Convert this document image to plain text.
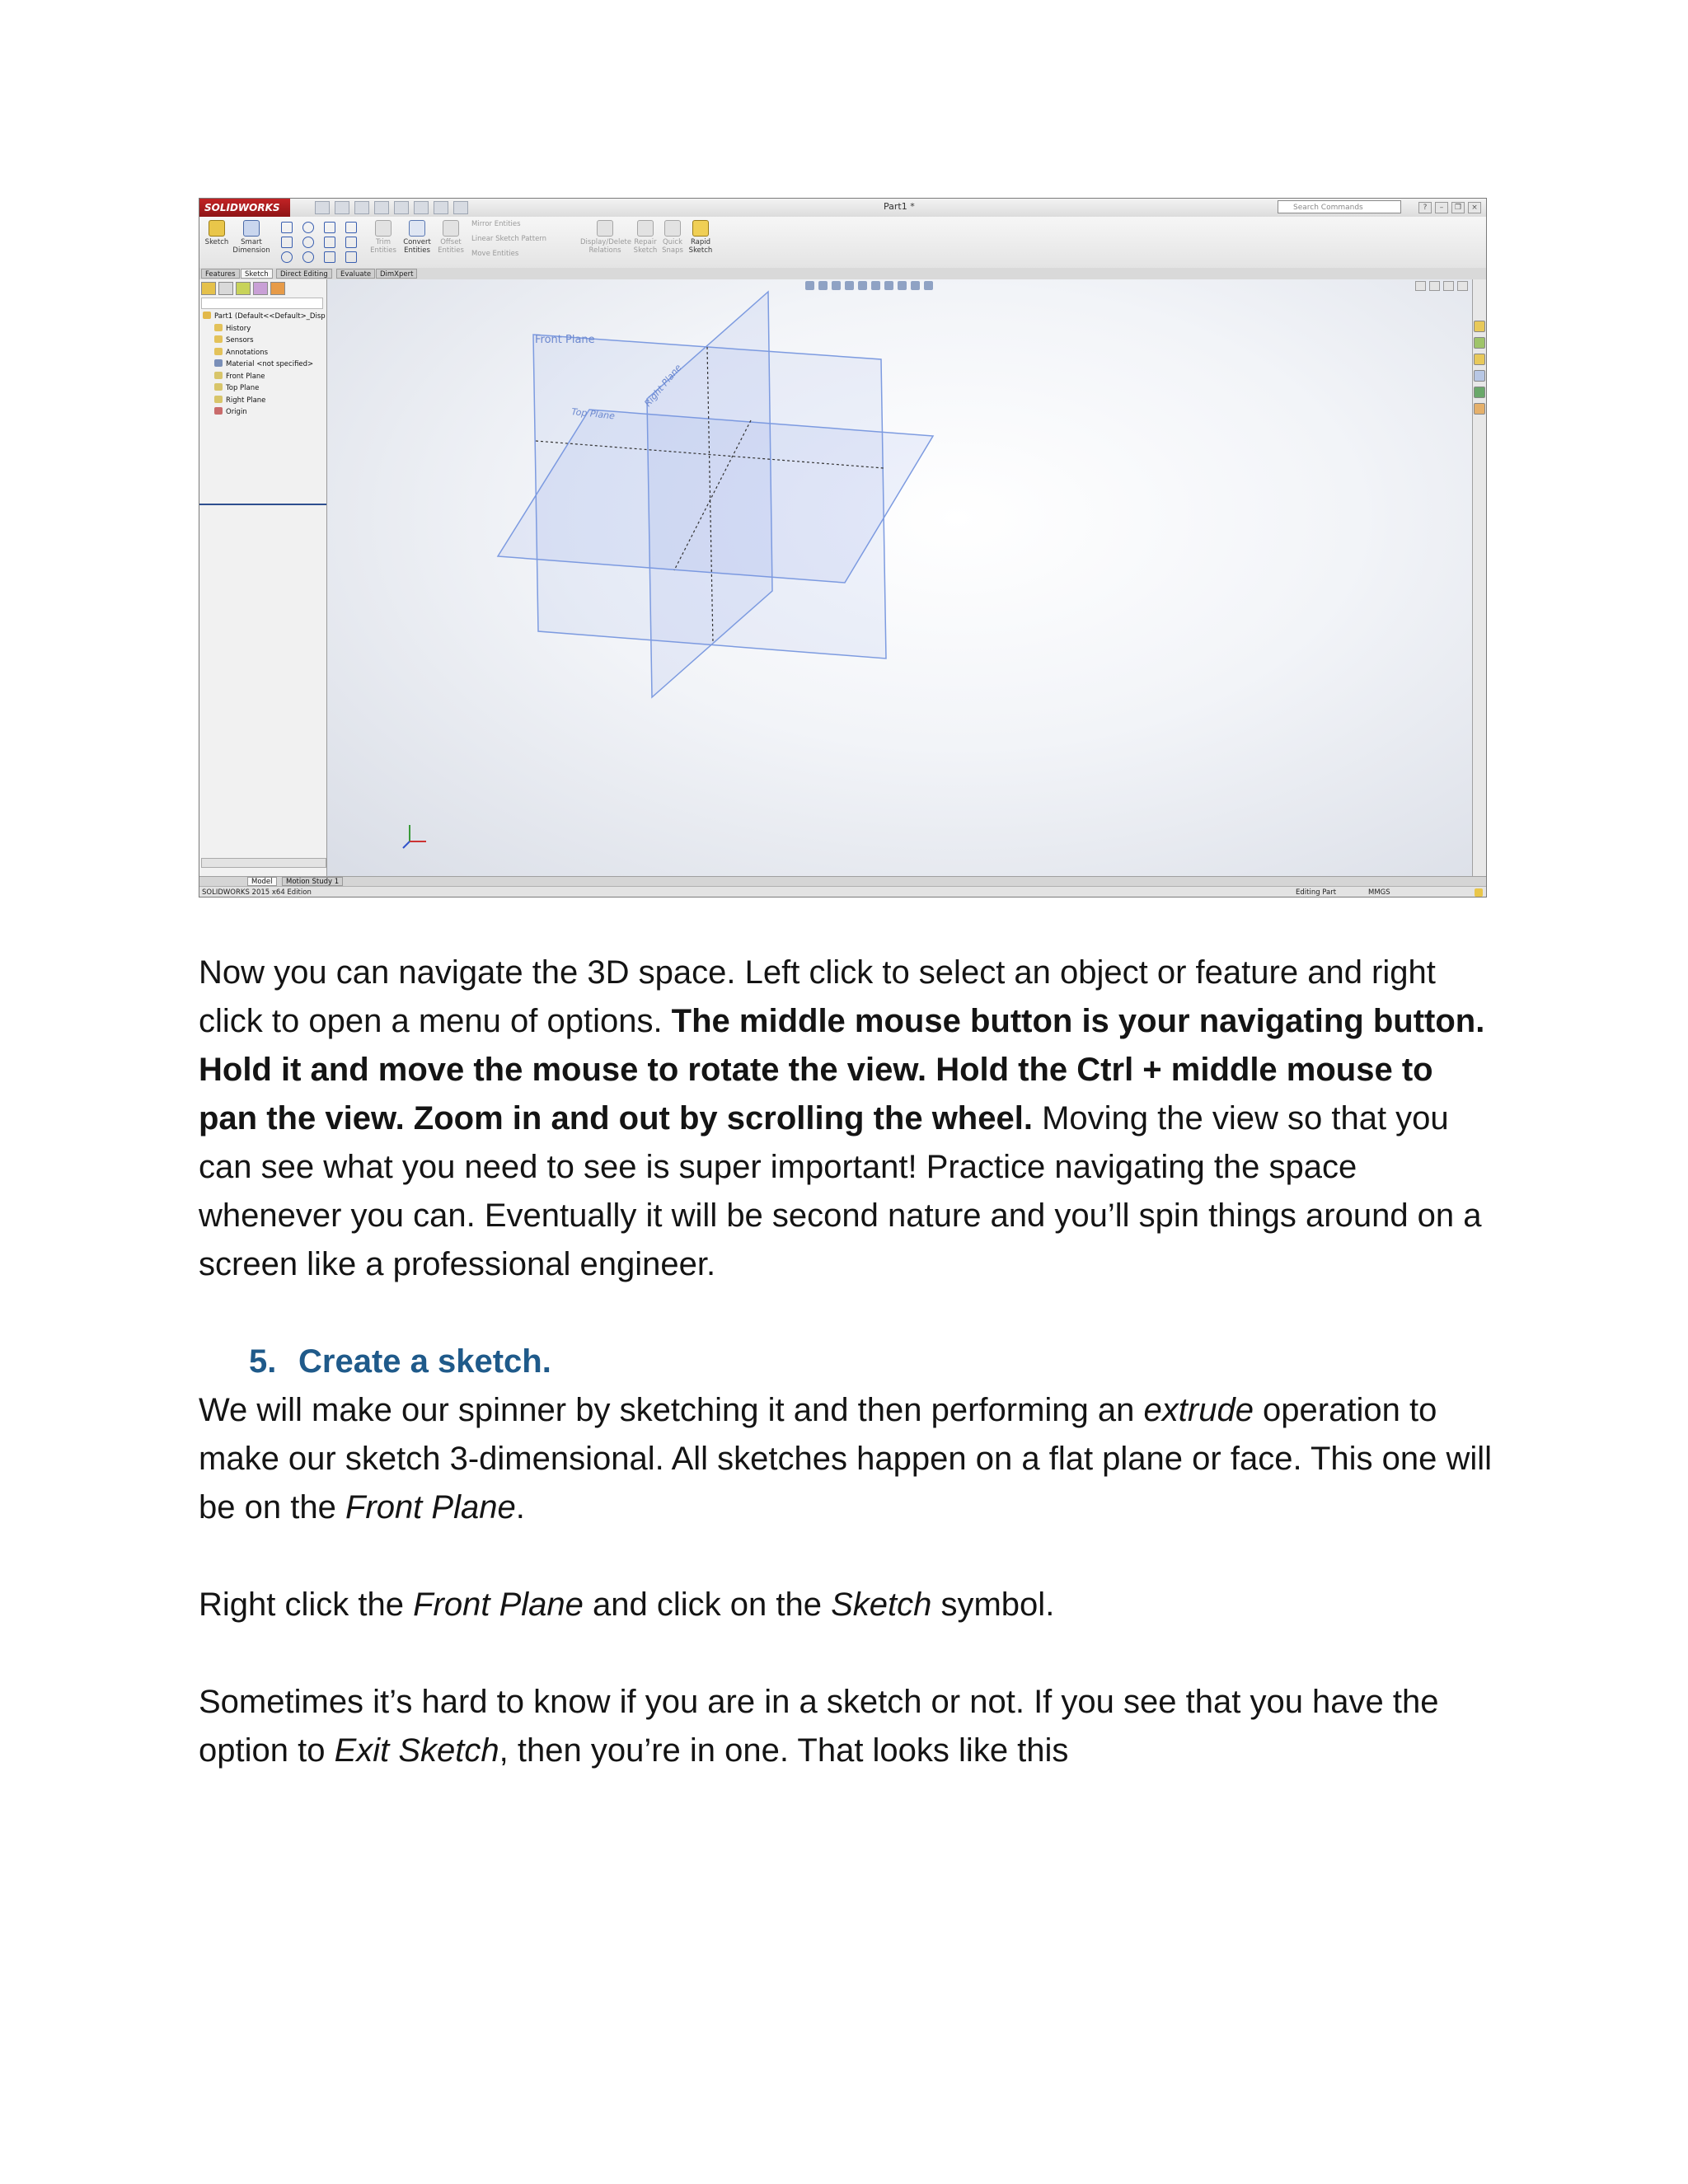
SOLIDWORKS	Part1 *	Search Commands	?	–	❐	×
Sketch	Smart Dimension
Trim Entities
Convert Entities
Offset Entities
Mirror Entities
Linear Sketch Pattern
Move Entities
Display/Delete Relations
Repair Sketch
Quick Snaps
Rapid Sketch
Features	Sketch	Direct Editing	Evaluate	DimXpert
Part1 (Default<<Default>_Disp
History
Sensors
Annotations
Material <not specified>
Front Plane
Top Plane
Right Plane
Origin
Front Plane
Top Plane
Right Plane
Model	Motion Study 1
SOLIDWORKS 2015 x64 Edition	Editing Part	MMGS

Now you can navigate the 3D space. Left click to select an object or feature and right click to open a menu of options. The middle mouse button is your navigating button. Hold it and move the mouse to rotate the view. Hold the Ctrl + middle mouse to pan the view. Zoom in and out by scrolling the wheel. Moving the view so that you can see what you need to see is super important! Practice navigating the space whenever you can. Eventually it will be second nature and you’ll spin things around on a screen like a professional engineer.

5. Create a sketch.

We will make our spinner by sketching it and then performing an extrude operation to make our sketch 3-dimensional. All sketches happen on a flat plane or face. This one will be on the Front Plane.

Right click the Front Plane and click on the Sketch symbol.

Sometimes it’s hard to know if you are in a sketch or not. If you see that you have the option to Exit Sketch, then you’re in one. That looks like this
